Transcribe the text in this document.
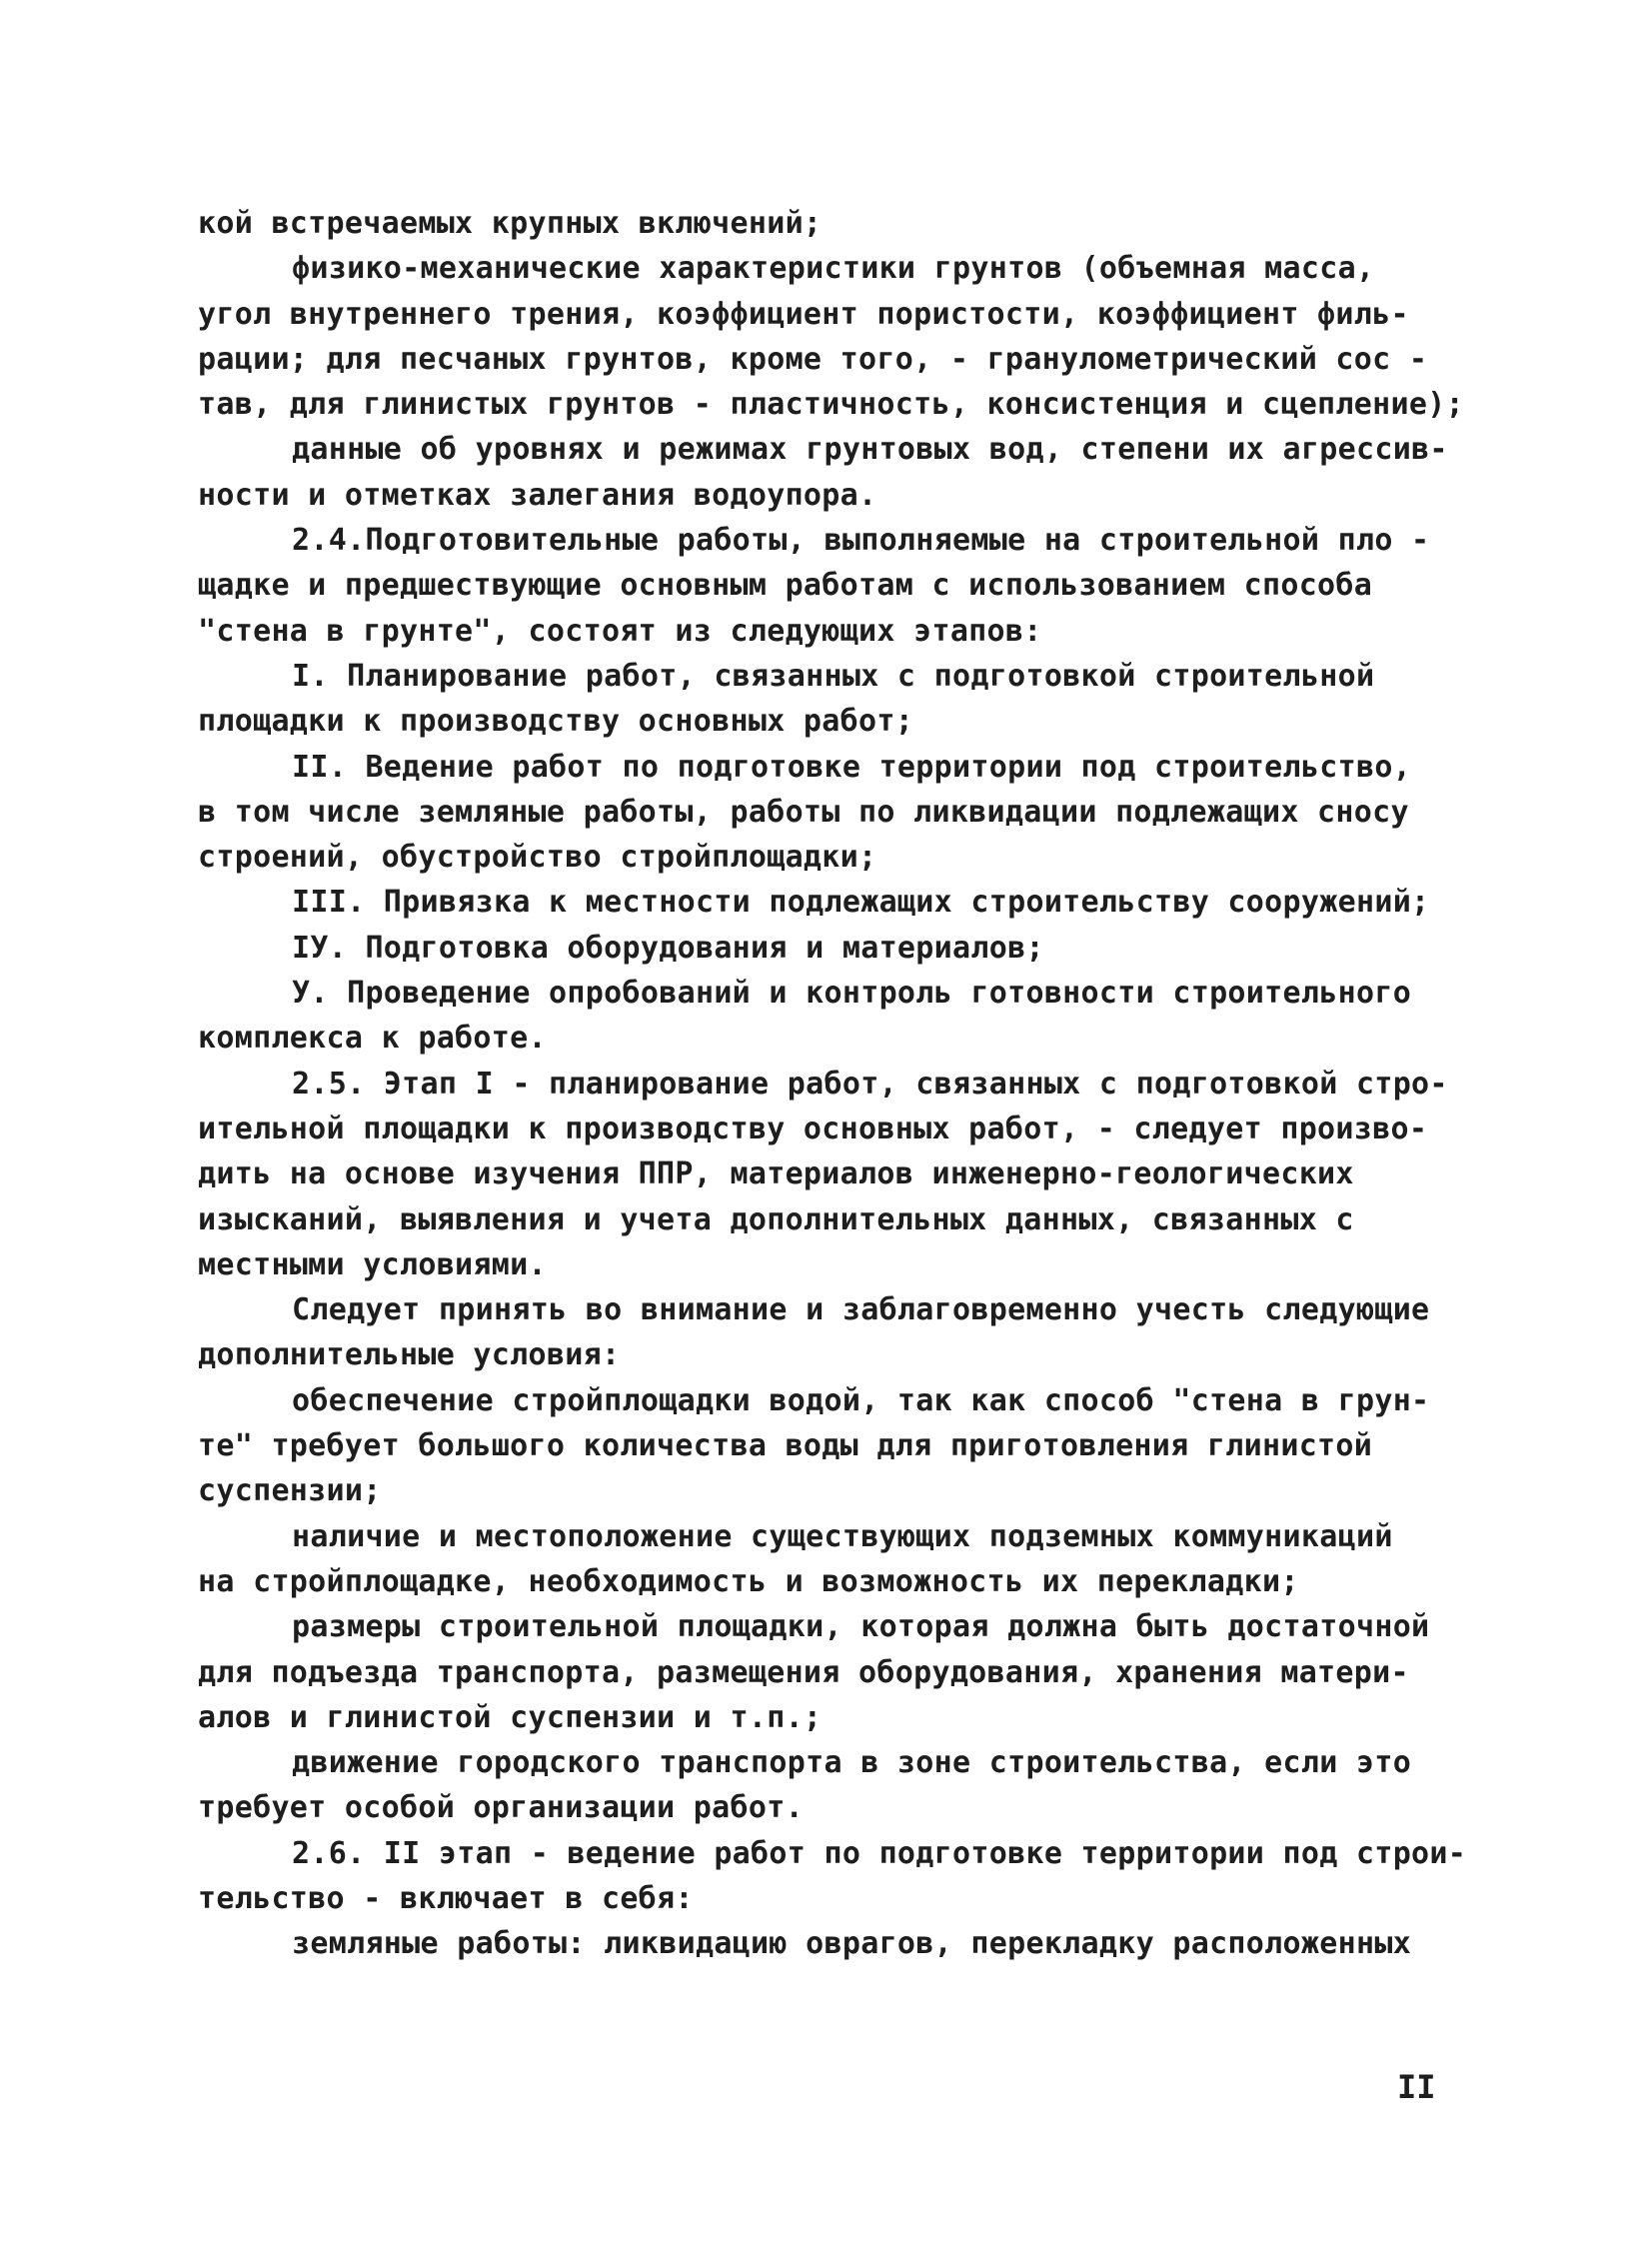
кой встречаемых крупных включений;
физико-механические характеристики грунтов (объемная масса,
угол внутреннего трения, коэффициент пористости, коэффициент филь-
рации; для песчаных грунтов, кроме того, - гранулометрический сос -
тав, для глинистых грунтов - пластичность, консистенция и сцепление);
данные об уровнях и режимах грунтовых вод, степени их агрессив-
ности и отметках залегания водоупора.
2.4.Подготовительные работы, выполняемые на строительной пло -
щадке и предшествующие основным работам с использованием способа
"стена в грунте", состоят из следующих этапов:
I. Планирование работ, связанных с подготовкой строительной
площадки к производству основных работ;
II. Ведение работ по подготовке территории под строительство,
в том числе земляные работы, работы по ликвидации подлежащих сносу
строений, обустройство стройплощадки;
III. Привязка к местности подлежащих строительству сооружений;
IУ. Подготовка оборудования и материалов;
У. Проведение опробований и контроль готовности строительного
комплекса к работе.
2.5. Этап I - планирование работ, связанных с подготовкой стро-
ительной площадки к производству основных работ, - следует произво-
дить на основе изучения ППР, материалов инженерно-геологических
изысканий, выявления и учета дополнительных данных, связанных с
местными условиями.
Следует принять во внимание и заблаговременно учесть следующие
дополнительные условия:
обеспечение стройплощадки водой, так как способ "стена в грун-
те" требует большого количества воды для приготовления глинистой
суспензии;
наличие и местоположение существующих подземных коммуникаций
на стройплощадке, необходимость и возможность их перекладки;
размеры строительной площадки, которая должна быть достаточной
для подъезда транспорта, размещения оборудования, хранения матери-
алов и глинистой суспензии и т.п.;
движение городского транспорта в зоне строительства, если это
требует особой организации работ.
2.6. II этап - ведение работ по подготовке территории под строи-
тельство - включает в себя:
земляные работы: ликвидацию оврагов, перекладку расположенных
II
